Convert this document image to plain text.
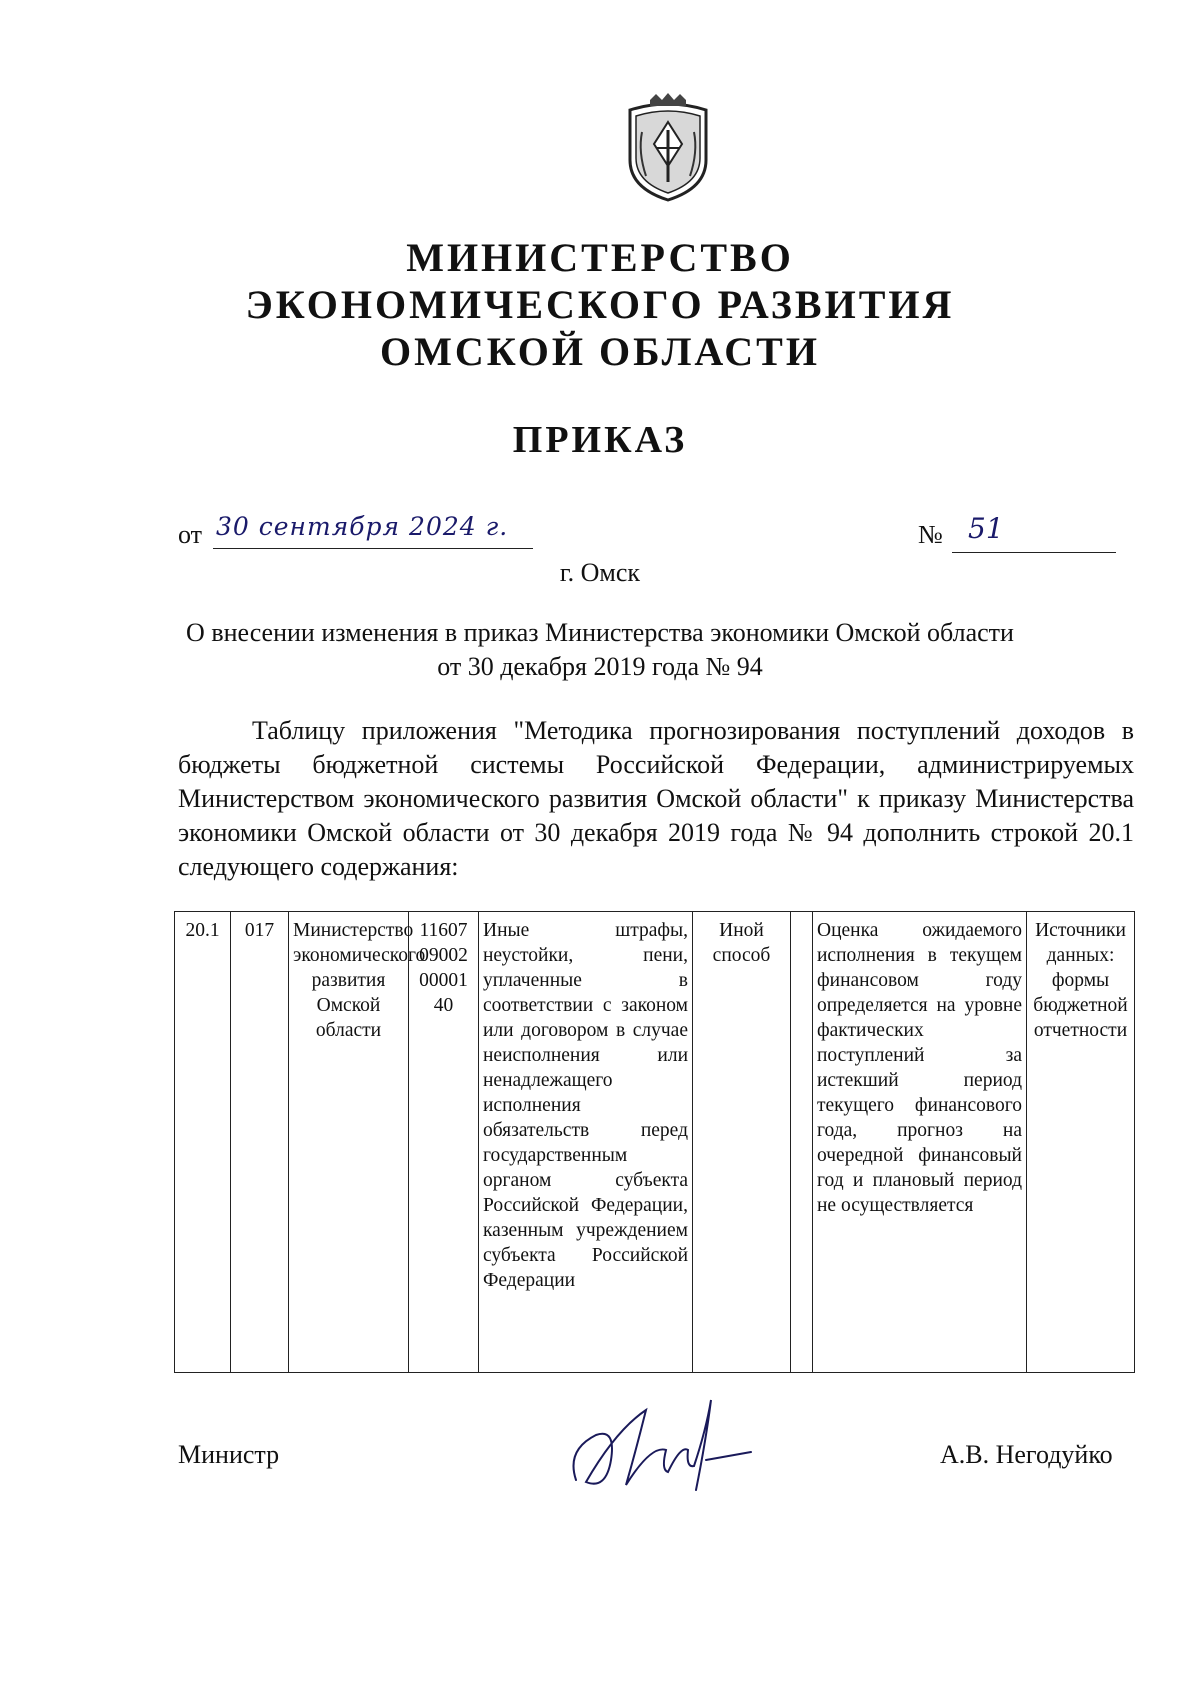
МИНИСТЕРСТВО
ЭКОНОМИЧЕСКОГО РАЗВИТИЯ
ОМСКОЙ ОБЛАСТИ
ПРИКАЗ
от 30 сентября 2024 г.	№ 51
г. Омск
О внесении изменения в приказ Министерства экономики Омской области
от 30 декабря 2019 года № 94
Таблицу приложения "Методика прогнозирования поступлений доходов в бюджеты бюджетной системы Российской Федерации, администрируемых Министерством экономического развития Омской области" к приказу Министерства экономики Омской области от 30 декабря 2019 года № 94 дополнить строкой 20.1 следующего содержания:
20.1	017	Министерство экономического развития Омской области	11607 09002 00001 40	Иные штрафы, неустойки, пени, уплаченные в соответствии с законом или договором в случае неисполнения или ненадлежащего исполнения обязательств перед государственным органом субъекта Российской Федерации, казенным учреждением субъекта Российской Федерации	Иной способ		Оценка ожидаемого исполнения в текущем финансовом году определяется на уровне фактических поступлений за истекший период текущего финансового года, прогноз на очередной финансовый год и плановый период не осуществляется	Источники данных: формы бюджетной отчетности
Министр	А.В. Негодуйко
